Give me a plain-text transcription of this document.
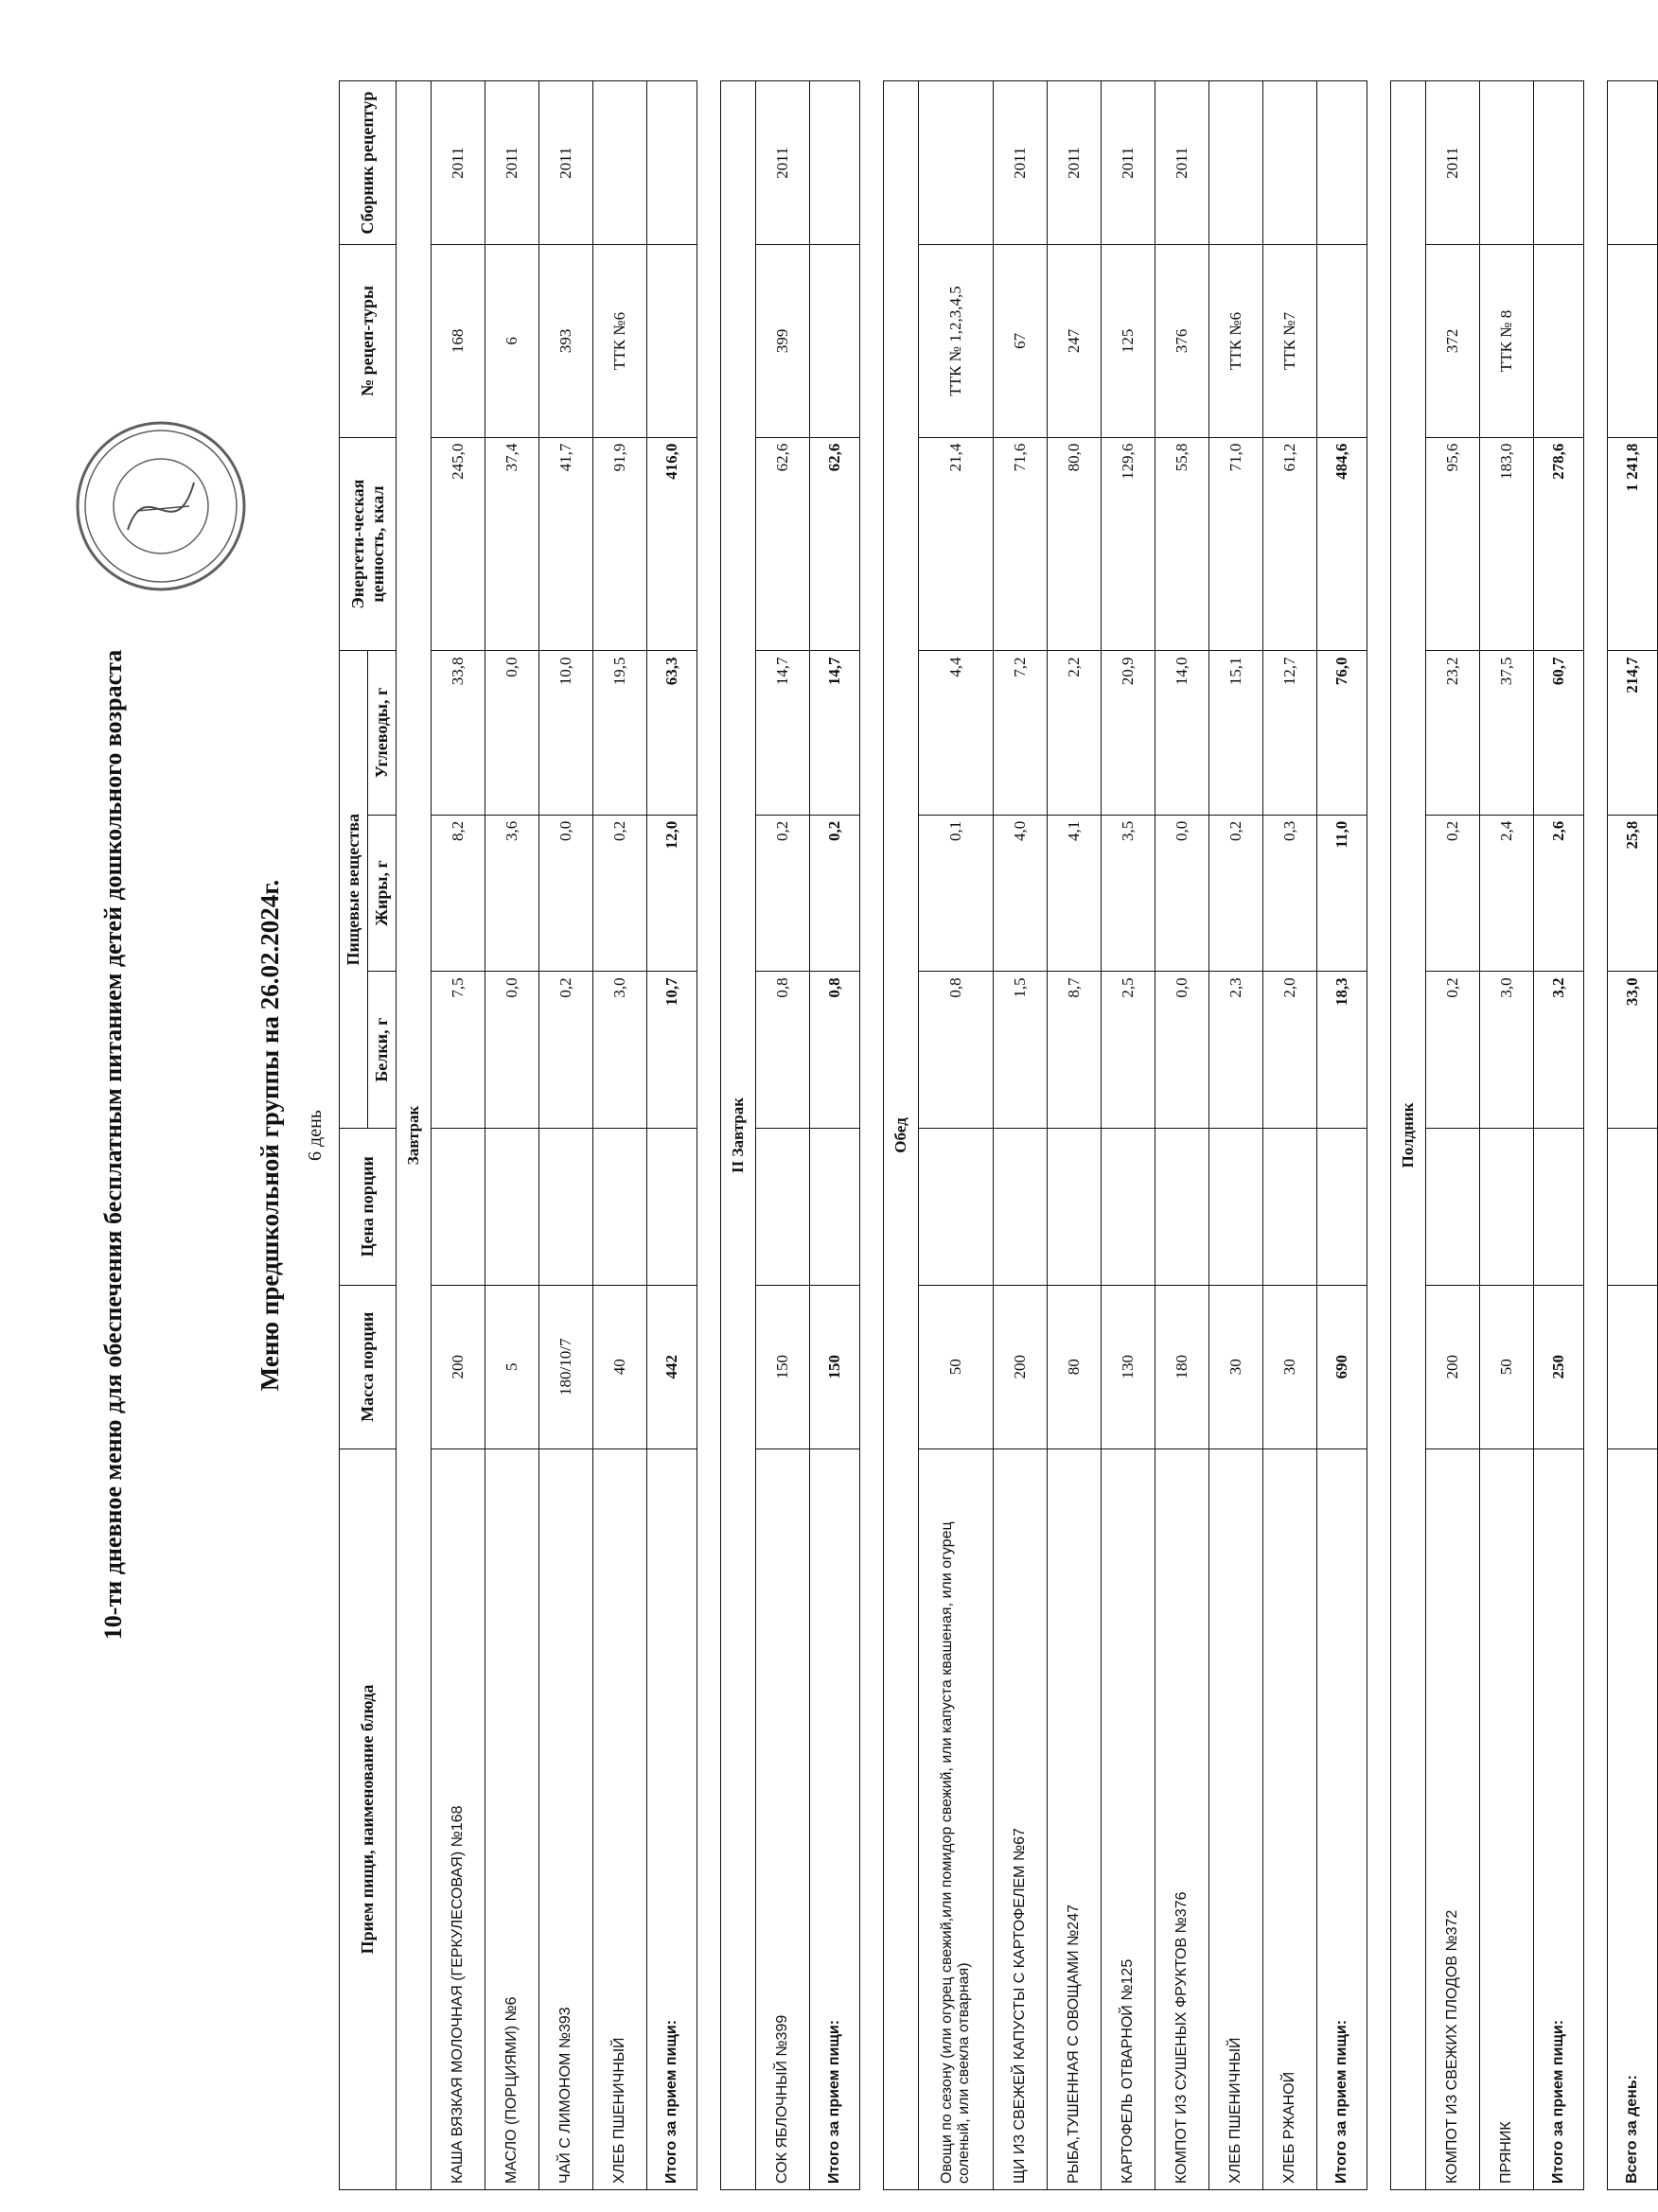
10-ти дневное меню для обеспечения бесплатным питанием детей дошкольного возраста	Меню предшкольной группы на 26.02.2024г. 6 день
Прием пищи, наименование блюда	Масса порции	Цена порции	Пищевые вещества			Энергети-ческая ценность, ккал	№ рецеп-туры	Сборник рецептур
			Белки, г	Жиры, г	Углеводы, г			
Завтрак								
КАША ВЯЗКАЯ МОЛОЧНАЯ (ГЕРКУЛЕСОВАЯ) №168	200		7,5	8,2	33,8	245,0	168	2011
МАСЛО (ПОРЦИЯМИ) №6	5		0,0	3,6	0,0	37,4	6	2011
ЧАЙ С ЛИМОНОМ №393	180/10/7		0,2	0,0	10,0	41,7	393	2011
ХЛЕБ ПШЕНИЧНЫЙ	40		3,0	0,2	19,5	91,9	ТТК №6	
Итого за прием пищи:	442		10,7	12,0	63,3	416,0		

II Завтрак								
СОК ЯБЛОЧНЫЙ №399	150		0,8	0,2	14,7	62,6	399	2011
Итого за прием пищи:	150		0,8	0,2	14,7	62,6		

Обед								
Овощи по сезону (или огурец свежий,или помидор свежий, или капуста квашеная, или огурец соленый, или свекла отварная)	50		0,8	0,1	4,4	21,4	ТТК № 1,2,3,4,5	
ЩИ ИЗ СВЕЖЕЙ КАПУСТЫ С КАРТОФЕЛЕМ №67	200		1,5	4,0	7,2	71,6	67	2011
РЫБА,ТУШЕННАЯ С ОВОЩАМИ №247	80		8,7	4,1	2,2	80,0	247	2011
КАРТОФЕЛЬ ОТВАРНОЙ №125	130		2,5	3,5	20,9	129,6	125	2011
КОМПОТ ИЗ СУШЕНЫХ ФРУКТОВ №376	180		0,0	0,0	14,0	55,8	376	2011
ХЛЕБ ПШЕНИЧНЫЙ	30		2,3	0,2	15,1	71,0	ТТК №6	
ХЛЕБ РЖАНОЙ	30		2,0	0,3	12,7	61,2	ТТК №7	
Итого за прием пищи:	690		18,3	11,0	76,0	484,6		

Полдник								
КОМПОТ ИЗ СВЕЖИХ ПЛОДОВ №372	200		0,2	0,2	23,2	95,6	372	2011
ПРЯНИК	50		3,0	2,4	37,5	183,0	ТТК № 8	
Итого за прием пищи:	250		3,2	2,6	60,7	278,6		

Всего за день:			33,0	25,8	214,7	1 241,8		
